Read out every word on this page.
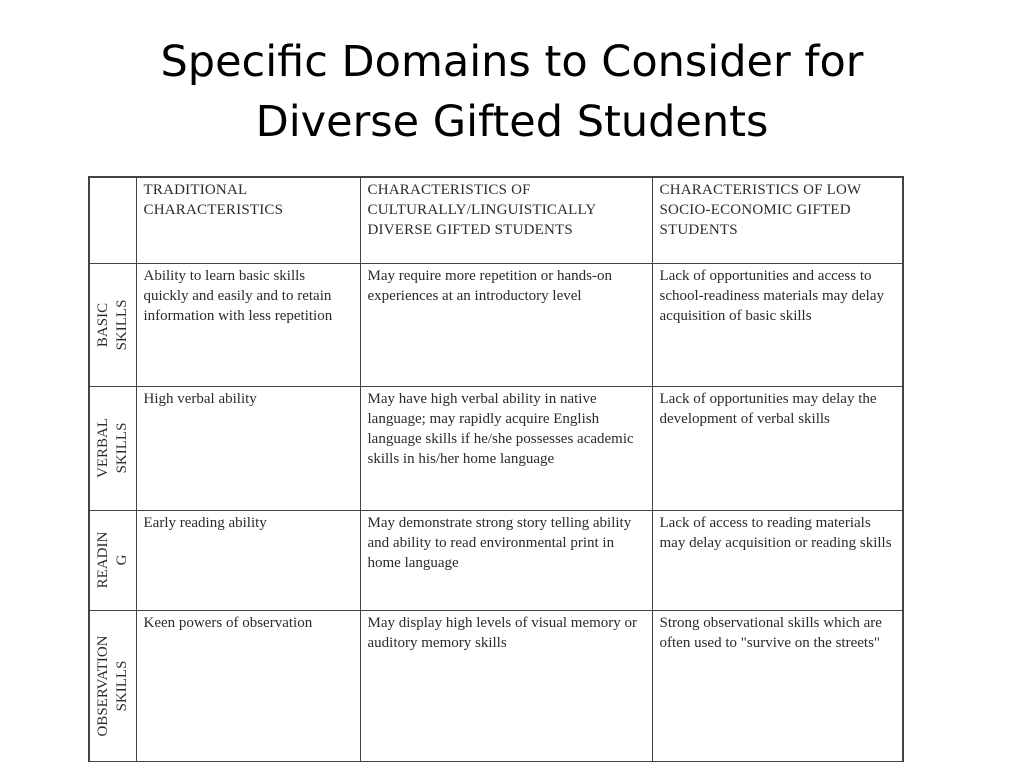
Specific Domains to Consider for
Diverse Gifted Students
	TRADITIONAL CHARACTERISTICS	CHARACTERISTICS OF CULTURALLY/LINGUISTICALLY DIVERSE GIFTED STUDENTS	CHARACTERISTICS OF LOW SOCIO-ECONOMIC GIFTED STUDENTS

BASIC SKILLS	Ability to learn basic skills quickly and easily and to retain information with less repetition	May require more repetition or hands-on experiences at an introductory level	Lack of opportunities and access to school-readiness materials may delay acquisition of basic skills

VERBAL SKILLS	High verbal ability	May have high verbal ability in native language; may rapidly acquire English language skills if he/she possesses academic skills in his/her home language	Lack of opportunities may delay the development of verbal skills

READIN G	Early reading ability	May demonstrate strong story telling ability and ability to read environmental print in home language	Lack of access to reading materials may delay acquisition or reading skills

OBSERVATION SKILLS	Keen powers of observation	May display high levels of visual memory or auditory memory skills	Strong observational skills which are often used to "survive on the streets"
